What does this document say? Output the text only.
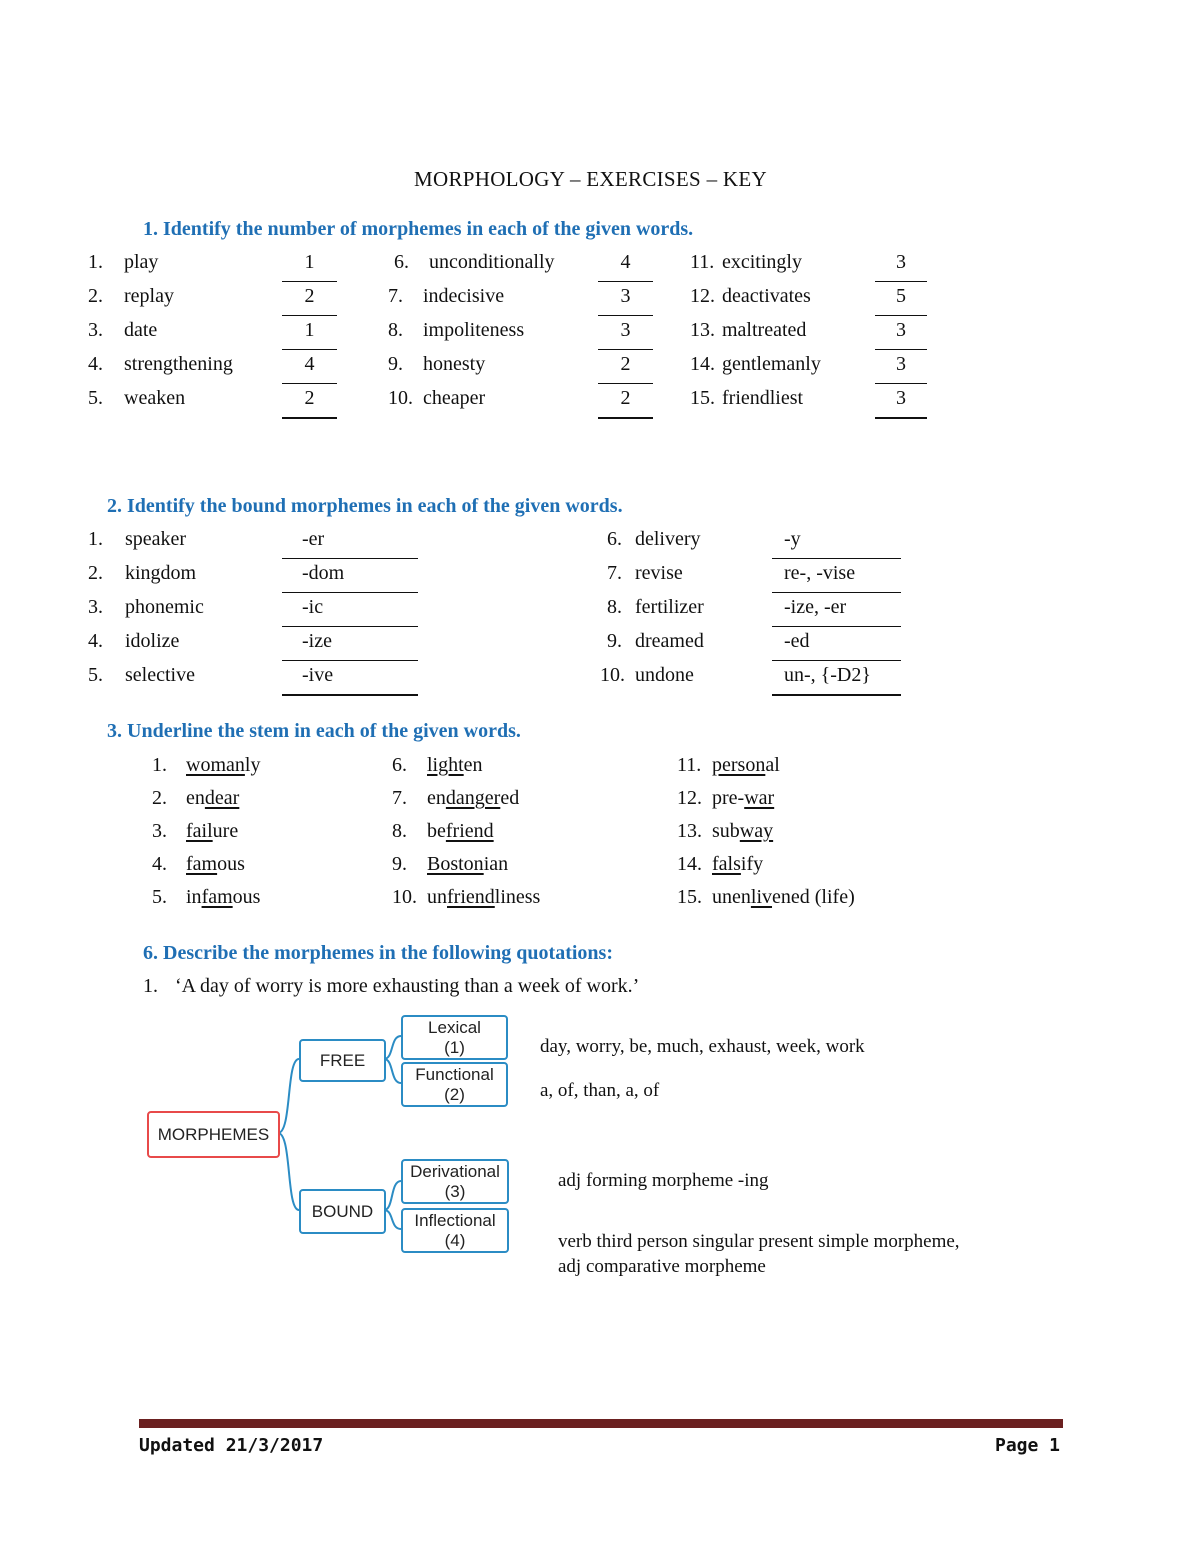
MORPHOLOGY – EXERCISES – KEY
1. Identify the number of morphemes in each of the given words.
1. play	1
2. replay	2
3. date	1
4. strengthening	4
5. weaken	2
6. unconditionally	4
7. indecisive	3
8. impoliteness	3
9. honesty	2
10. cheaper	2
11. excitingly	3
12. deactivates	5
13. maltreated	3
14. gentlemanly	3
15. friendliest	3
2. Identify the bound morphemes in each of the given words.
1. speaker	-er
2. kingdom	-dom
3. phonemic	-ic
4. idolize	-ize
5. selective	-ive
6. delivery	-y
7. revise	re-, -vise
8. fertilizer	-ize, -er
9. dreamed	-ed
10. undone	un-, {-D2}
3. Underline the stem in each of the given words.
1. womanly
2. endear
3. failure
4. famous
5. infamous
6. lighten
7. endangered
8. befriend
9. Bostonian
10. unfriendliness
11. personal
12. pre-war
13. subway
14. falsify
15. unenlivened (life)
6. Describe the morphemes in the following quotations:
1. ‘A day of worry is more exhausting than a week of work.’
MORPHEMES
FREE
BOUND
Lexical
(1)
Functional
(2)
Derivational
(3)
Inflectional
(4)
day, worry, be, much, exhaust, week, work
a, of, than, a, of
adj forming morpheme -ing
verb third person singular present simple morpheme,
adj comparative morpheme
Updated 21/3/2017	Page 1
